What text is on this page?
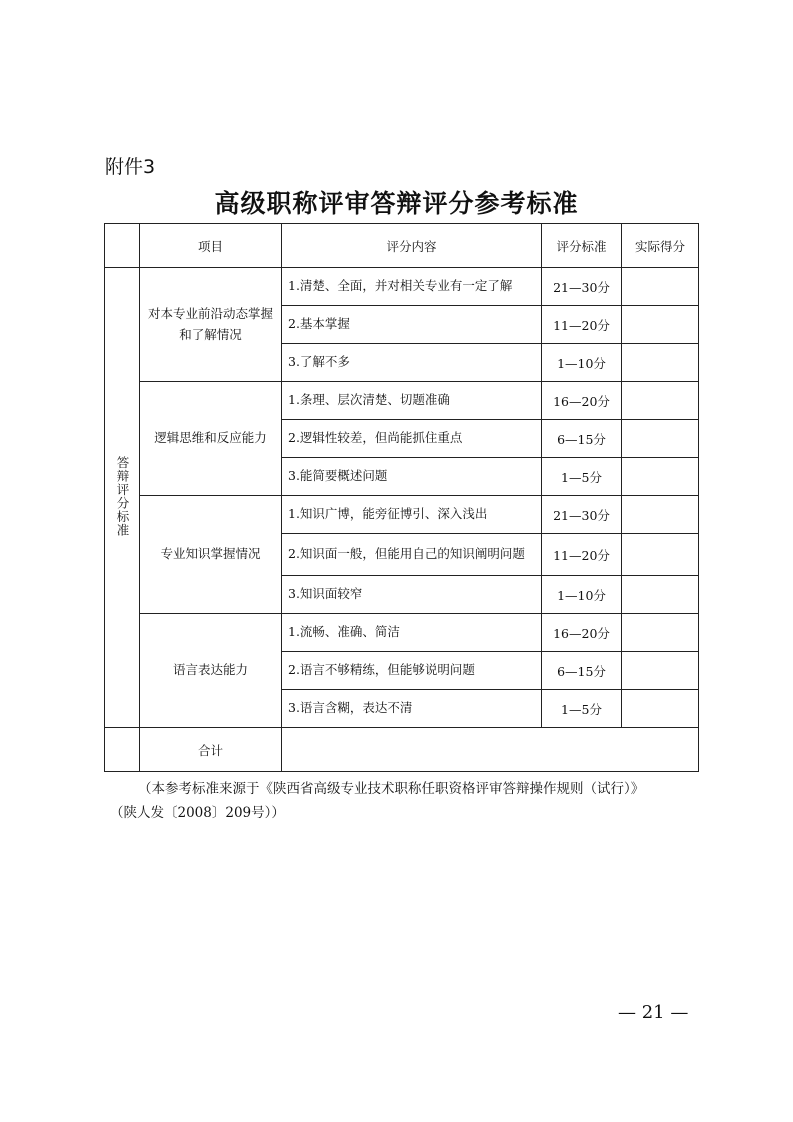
附件3
高级职称评审答辩评分参考标准
	项目	评分内容	评分标准	实际得分
答辩评分标准	对本专业前沿动态掌握和了解情况	1.清楚、全面，并对相关专业有一定了解	21—30分	
		2.基本掌握	11—20分	
		3.了解不多	1—10分	
	逻辑思维和反应能力	1.条理、层次清楚、切题准确	16—20分	
		2.逻辑性较差，但尚能抓住重点	6—15分	
		3.能简要概述问题	1—5分	
	专业知识掌握情况	1.知识广博，能旁征博引、深入浅出	21—30分	
		2.知识面一般，但能用自己的知识阐明问题	11—20分	
		3.知识面较窄	1—10分	
	语言表达能力	1.流畅、准确、简洁	16—20分	
		2.语言不够精练，但能够说明问题	6—15分	
		3.语言含糊，表达不清	1—5分	
	合计			
（本参考标准来源于《陕西省高级专业技术职称任职资格评审答辩操作规则（试行）》
（陕人发〔2008〕209号））
— 21 —
